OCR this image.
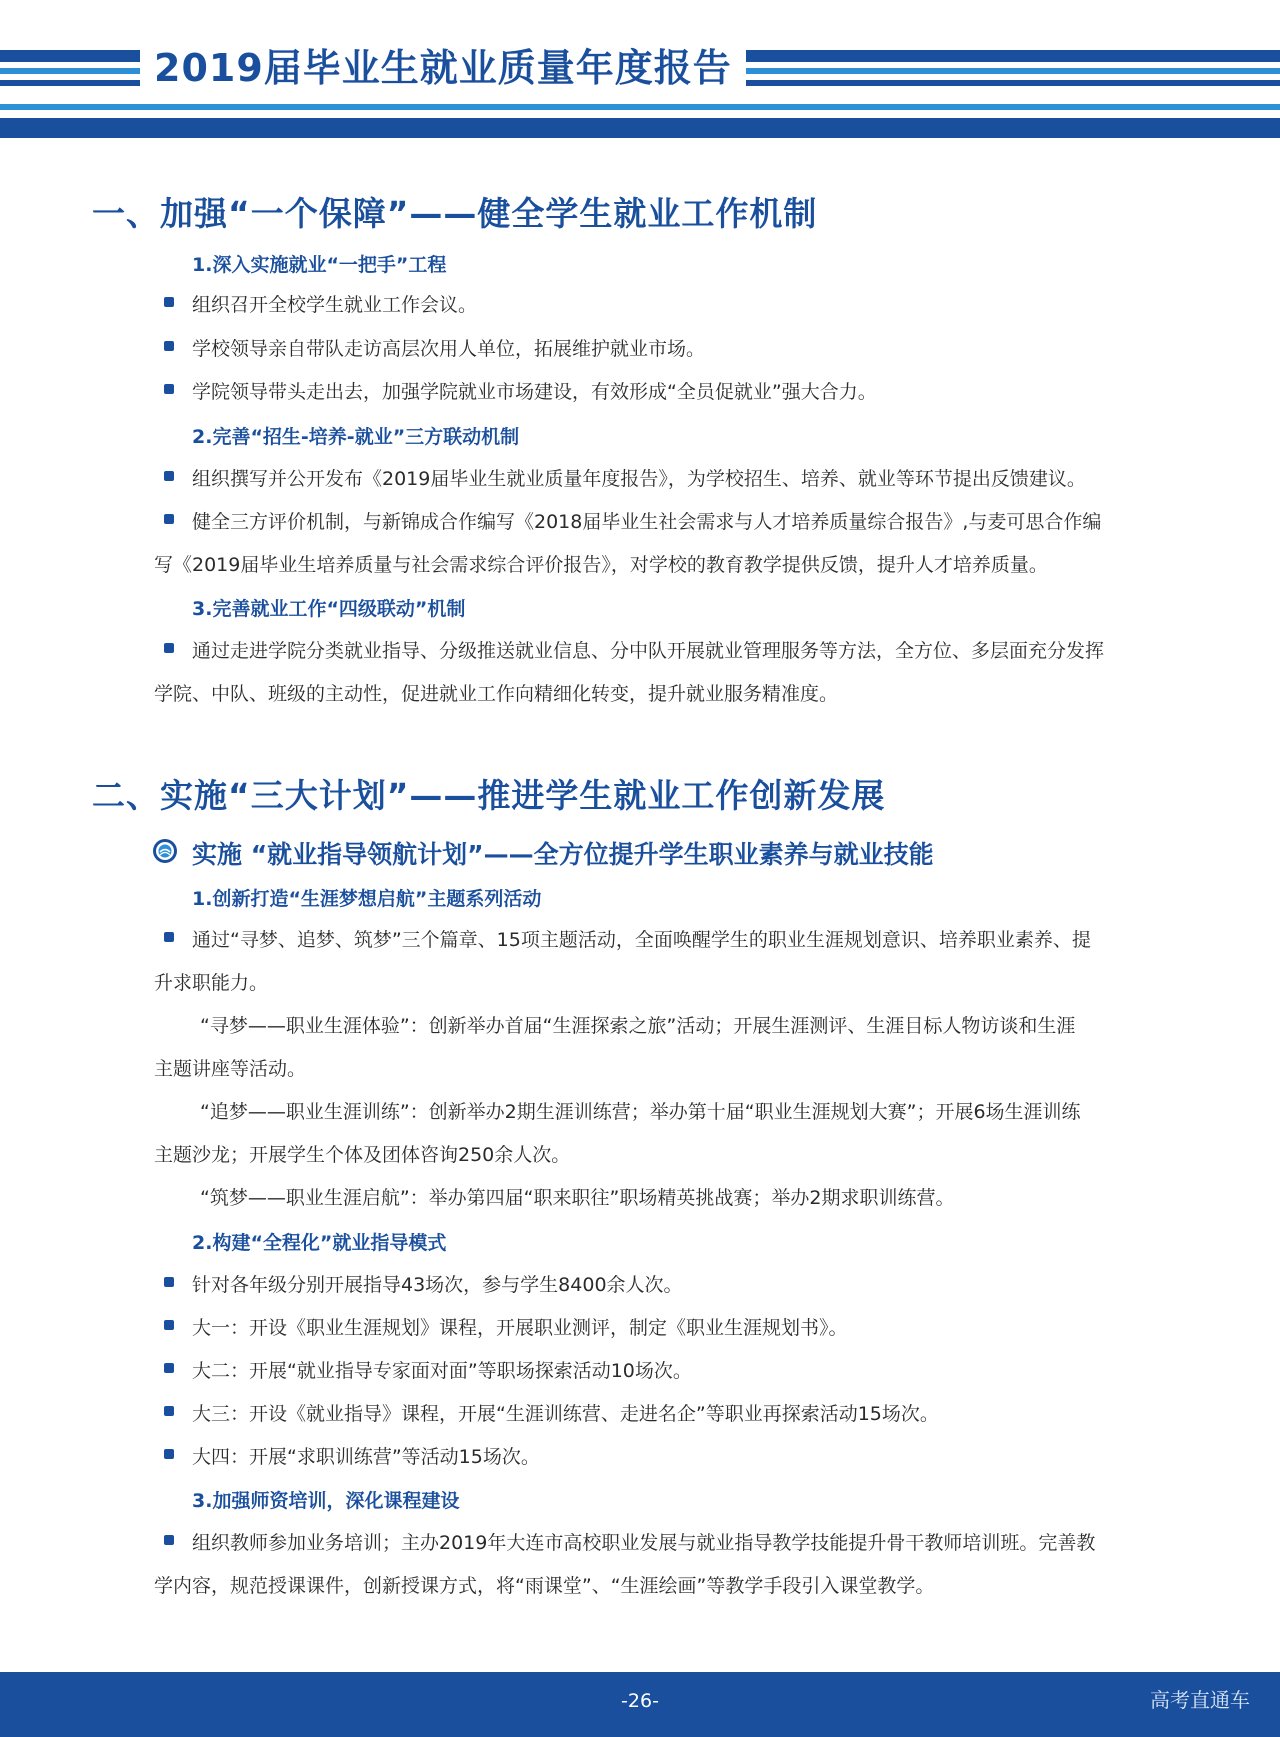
2019届毕业生就业质量年度报告
一、加强“一个保障”——健全学生就业工作机制
1.深入实施就业“一把手”工程
组织召开全校学生就业工作会议。
学校领导亲自带队走访高层次用人单位，拓展维护就业市场。
学院领导带头走出去，加强学院就业市场建设，有效形成“全员促就业”强大合力。
2.完善“招生-培养-就业”三方联动机制
组织撰写并公开发布《2019届毕业生就业质量年度报告》，为学校招生、培养、就业等环节提出反馈建议。
健全三方评价机制，与新锦成合作编写《2018届毕业生社会需求与人才培养质量综合报告》,与麦可思合作编
写《2019届毕业生培养质量与社会需求综合评价报告》，对学校的教育教学提供反馈，提升人才培养质量。
3.完善就业工作“四级联动”机制
通过走进学院分类就业指导、分级推送就业信息、分中队开展就业管理服务等方法，全方位、多层面充分发挥
学院、中队、班级的主动性，促进就业工作向精细化转变，提升就业服务精准度。
二、实施“三大计划”——推进学生就业工作创新发展
实施 “就业指导领航计划”——全方位提升学生职业素养与就业技能
1.创新打造“生涯梦想启航”主题系列活动
通过“寻梦、追梦、筑梦”三个篇章、15项主题活动，全面唤醒学生的职业生涯规划意识、培养职业素养、提
升求职能力。
“寻梦——职业生涯体验”：创新举办首届“生涯探索之旅”活动；开展生涯测评、生涯目标人物访谈和生涯
主题讲座等活动。
“追梦——职业生涯训练”：创新举办2期生涯训练营；举办第十届“职业生涯规划大赛”；开展6场生涯训练
主题沙龙；开展学生个体及团体咨询250余人次。
“筑梦——职业生涯启航”：举办第四届“职来职往”职场精英挑战赛；举办2期求职训练营。
2.构建“全程化”就业指导模式
针对各年级分别开展指导43场次，参与学生8400余人次。
大一：开设《职业生涯规划》课程，开展职业测评，制定《职业生涯规划书》。
大二：开展“就业指导专家面对面”等职场探索活动10场次。
大三：开设《就业指导》课程，开展“生涯训练营、走进名企”等职业再探索活动15场次。
大四：开展“求职训练营”等活动15场次。
3.加强师资培训，深化课程建设
组织教师参加业务培训；主办2019年大连市高校职业发展与就业指导教学技能提升骨干教师培训班。完善教
学内容，规范授课课件，创新授课方式，将“雨课堂”、“生涯绘画”等教学手段引入课堂教学。
-26-	高考直通车
